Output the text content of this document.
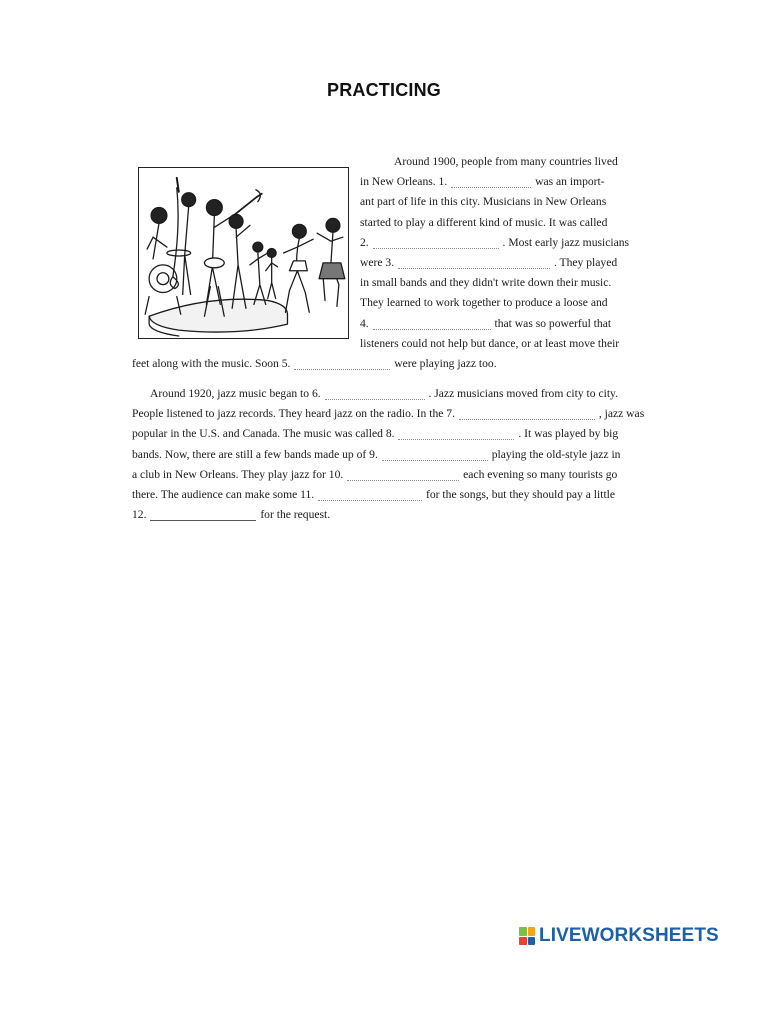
PRACTICING
Around 1900, people from many countries lived
in New Orleans. 1.	was an import-
ant part of life in this city. Musicians in New Orleans
started to play a different kind of music. It was called
2.	. Most early jazz musicians
were 3.	. They played
in small bands and they didn't write down their music.
They learned to work together to produce a loose and
4.	that was so powerful that
listeners could not help but dance, or at least move their
feet along with the music. Soon 5.	were playing jazz too.
Around 1920, jazz music began to 6.	. Jazz musicians moved from city to city.
People listened to jazz records. They heard jazz on the radio. In the 7.	, jazz was
popular in the U.S. and Canada. The music was called 8.	. It was played by big
bands. Now, there are still a few bands made up of 9.	playing the old-style jazz in
a club in New Orleans. They play jazz for 10.	each evening so many tourists go
there. The audience can make some 11.	for the songs, but they should pay a little
12.	for the request.
LIVEWORKSHEETS
